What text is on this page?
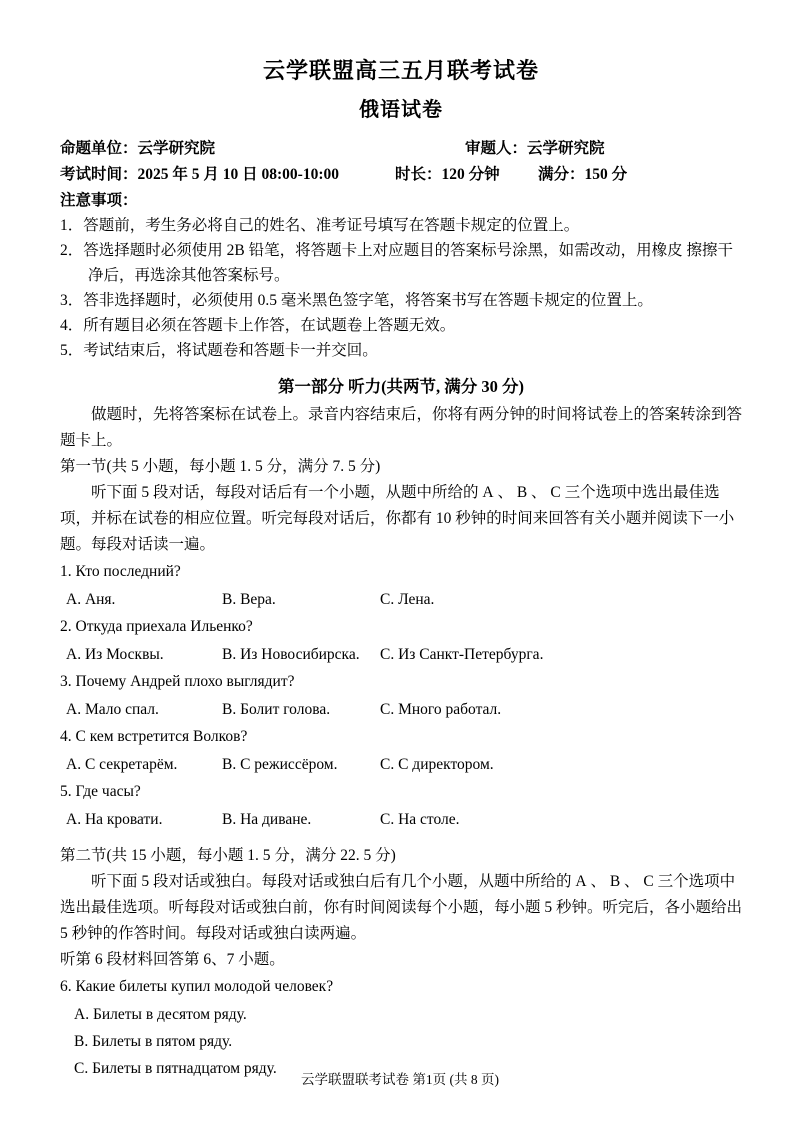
云学联盟高三五月联考试卷
俄语试卷
命题单位：云学研究院	审题人：云学研究院
考试时间：2025 年 5 月 10 日 08:00-10:00	时长：120 分钟	满分：150 分
注意事项：
1．答题前，考生务必将自己的姓名、准考证号填写在答题卡规定的位置上。
2．答选择题时必须使用 2B 铅笔，将答题卡上对应题目的答案标号涂黑，如需改动，用橡皮 擦擦干净后，再选涂其他答案标号。
3．答非选择题时，必须使用 0.5 毫米黑色签字笔，将答案书写在答题卡规定的位置上。
4．所有题目必须在答题卡上作答，在试题卷上答题无效。
5．考试结束后，将试题卷和答题卡一并交回。
第一部分 听力(共两节, 满分 30 分)

做题时，先将答案标在试卷上。录音内容结束后，你将有两分钟的时间将试卷上的答案转涂到答题卡上。

第一节(共 5 小题，每小题 1. 5 分，满分 7. 5 分)

听下面 5 段对话，每段对话后有一个小题，从题中所给的 А 、 В 、 С 三个选项中选出最佳选项，并标在试卷的相应位置。听完每段对话后，你都有 10 秒钟的时间来回答有关小题并阅读下一小题。每段对话读一遍。

1. Кто последний?
А. Аня.	В. Вера.	С. Лена.
2. Откуда приехала Ильенко?
А. Из Москвы.	В. Из Новосибирска.	С. Из Санкт-Петербурга.
3. Почему Андрей плохо выглядит?
А. Мало спал.	В. Болит голова.	С. Много работал.
4. С кем встретится Волков?
А. С секретарём.	В. С режиссёром.	С. С директором.
5. Где часы?
А. На кровати.	В. На диване.	С. На столе.
第二节(共 15 小题，每小题 1. 5 分，满分 22. 5 分)

听下面 5 段对话或独白。每段对话或独白后有几个小题，从题中所给的 А 、 В 、 С 三个选项中选出最佳选项。听每段对话或独白前，你有时间阅读每个小题，每小题 5 秒钟。听完后，各小题给出 5 秒钟的作答时间。每段对话或独白读两遍。

听第 6 段材料回答第 6、7 小题。
6. Какие билеты купил молодой человек?
А. Билеты в десятом ряду.
В. Билеты в пятом ряду.
С. Билеты в пятнадцатом ряду.
云学联盟联考试卷 第1页 (共 8 页)
